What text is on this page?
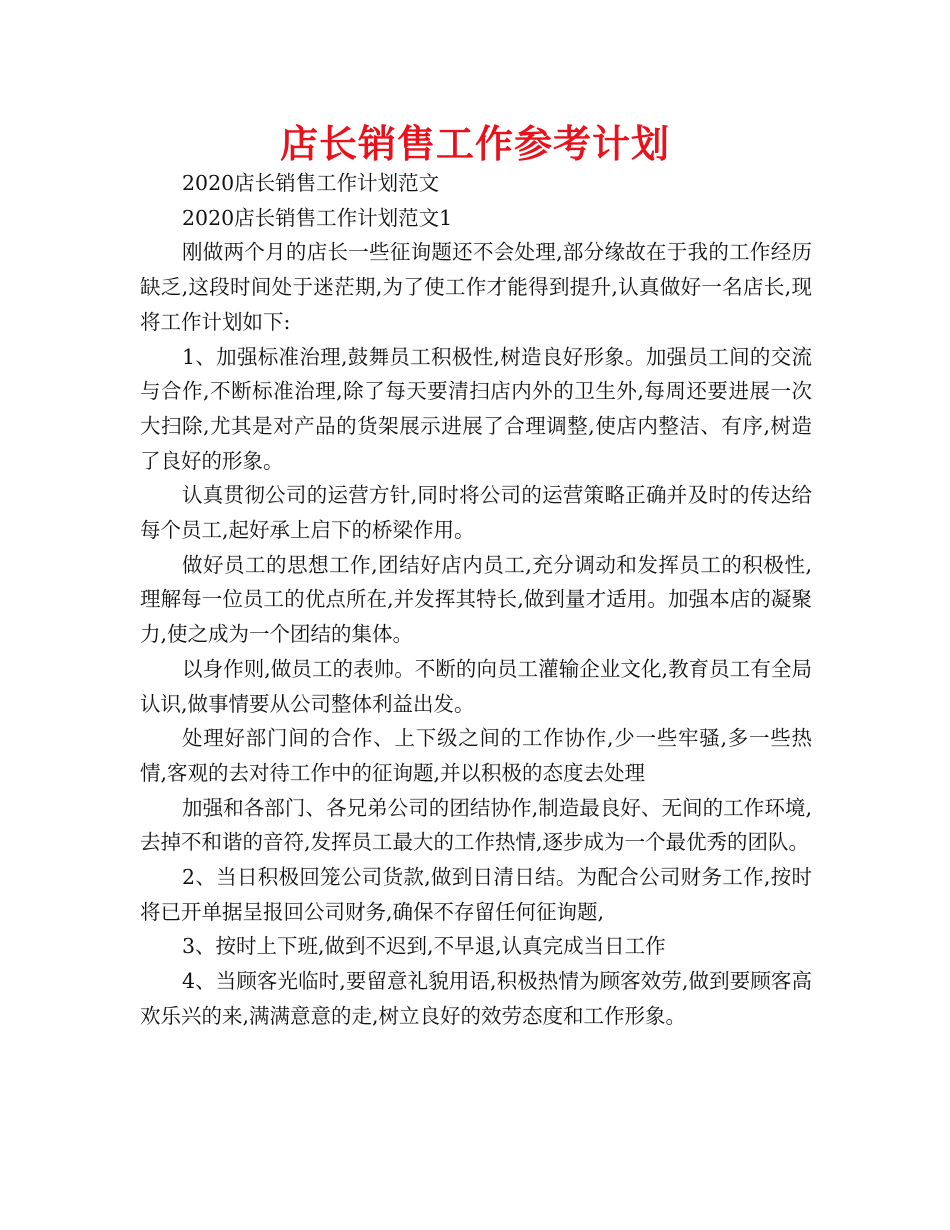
店长销售工作参考计划

2020店长销售工作计划范文

2020店长销售工作计划范文1

刚做两个月的店长一些征询题还不会处理,部分缘故在于我的工作经历缺乏,这段时间处于迷茫期,为了使工作才能得到提升,认真做好一名店长,现将工作计划如下:

1、加强标准治理,鼓舞员工积极性,树造良好形象。加强员工间的交流与合作,不断标准治理,除了每天要清扫店内外的卫生外,每周还要进展一次大扫除,尤其是对产品的货架展示进展了合理调整,使店内整洁、有序,树造了良好的形象。

认真贯彻公司的运营方针,同时将公司的运营策略正确并及时的传达给每个员工,起好承上启下的桥梁作用。

做好员工的思想工作,团结好店内员工,充分调动和发挥员工的积极性,理解每一位员工的优点所在,并发挥其特长,做到量才适用。加强本店的凝聚力,使之成为一个团结的集体。

以身作则,做员工的表帅。不断的向员工灌输企业文化,教育员工有全局认识,做事情要从公司整体利益出发。

处理好部门间的合作、上下级之间的工作协作,少一些牢骚,多一些热情,客观的去对待工作中的征询题,并以积极的态度去处理

加强和各部门、各兄弟公司的团结协作,制造最良好、无间的工作环境,去掉不和谐的音符,发挥员工最大的工作热情,逐步成为一个最优秀的团队。

2、当日积极回笼公司货款,做到日清日结。为配合公司财务工作,按时将已开单据呈报回公司财务,确保不存留任何征询题,

3、按时上下班,做到不迟到,不早退,认真完成当日工作

4、当顾客光临时,要留意礼貌用语,积极热情为顾客效劳,做到要顾客高欢乐兴的来,满满意意的走,树立良好的效劳态度和工作形象。
